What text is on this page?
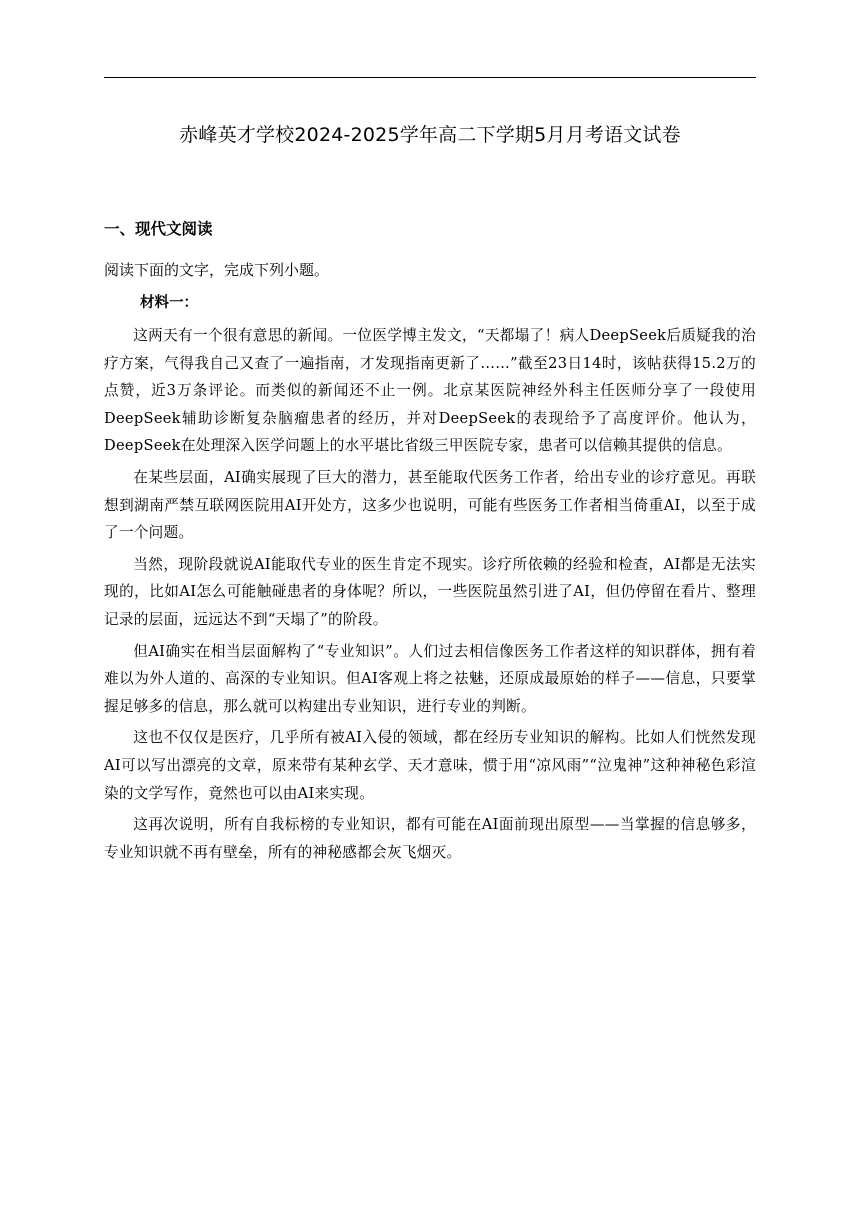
赤峰英才学校2024-2025学年高二下学期5月月考语文试卷
一、现代文阅读
阅读下面的文字，完成下列小题。
材料一：

这两天有一个很有意思的新闻。一位医学博主发文，“天都塌了！病人DeepSeek后质疑我的治疗方案，气得我自己又查了一遍指南，才发现指南更新了……”截至23日14时，该帖获得15.2万的点赞，近3万条评论。而类似的新闻还不止一例。北京某医院神经外科主任医师分享了一段使用DeepSeek辅助诊断复杂脑瘤患者的经历，并对DeepSeek的表现给予了高度评价。他认为，DeepSeek在处理深入医学问题上的水平堪比省级三甲医院专家，患者可以信赖其提供的信息。

在某些层面，AI确实展现了巨大的潜力，甚至能取代医务工作者，给出专业的诊疗意见。再联想到湖南严禁互联网医院用AI开处方，这多少也说明，可能有些医务工作者相当倚重AI，以至于成了一个问题。

当然，现阶段就说AI能取代专业的医生肯定不现实。诊疗所依赖的经验和检查，AI都是无法实现的，比如AI怎么可能触碰患者的身体呢？所以，一些医院虽然引进了AI，但仍停留在看片、整理记录的层面，远远达不到“天塌了”的阶段。

但AI确实在相当层面解构了“专业知识”。人们过去相信像医务工作者这样的知识群体，拥有着难以为外人道的、高深的专业知识。但AI客观上将之祛魅，还原成最原始的样子——信息，只要掌握足够多的信息，那么就可以构建出专业知识，进行专业的判断。

这也不仅仅是医疗，几乎所有被AI入侵的领域，都在经历专业知识的解构。比如人们恍然发现AI可以写出漂亮的文章，原来带有某种玄学、天才意味，惯于用“凉风雨”“泣鬼神”这种神秘色彩渲染的文学写作，竟然也可以由AI来实现。

这再次说明，所有自我标榜的专业知识，都有可能在AI面前现出原型——当掌握的信息够多，专业知识就不再有壁垒，所有的神秘感都会灰飞烟灭。
